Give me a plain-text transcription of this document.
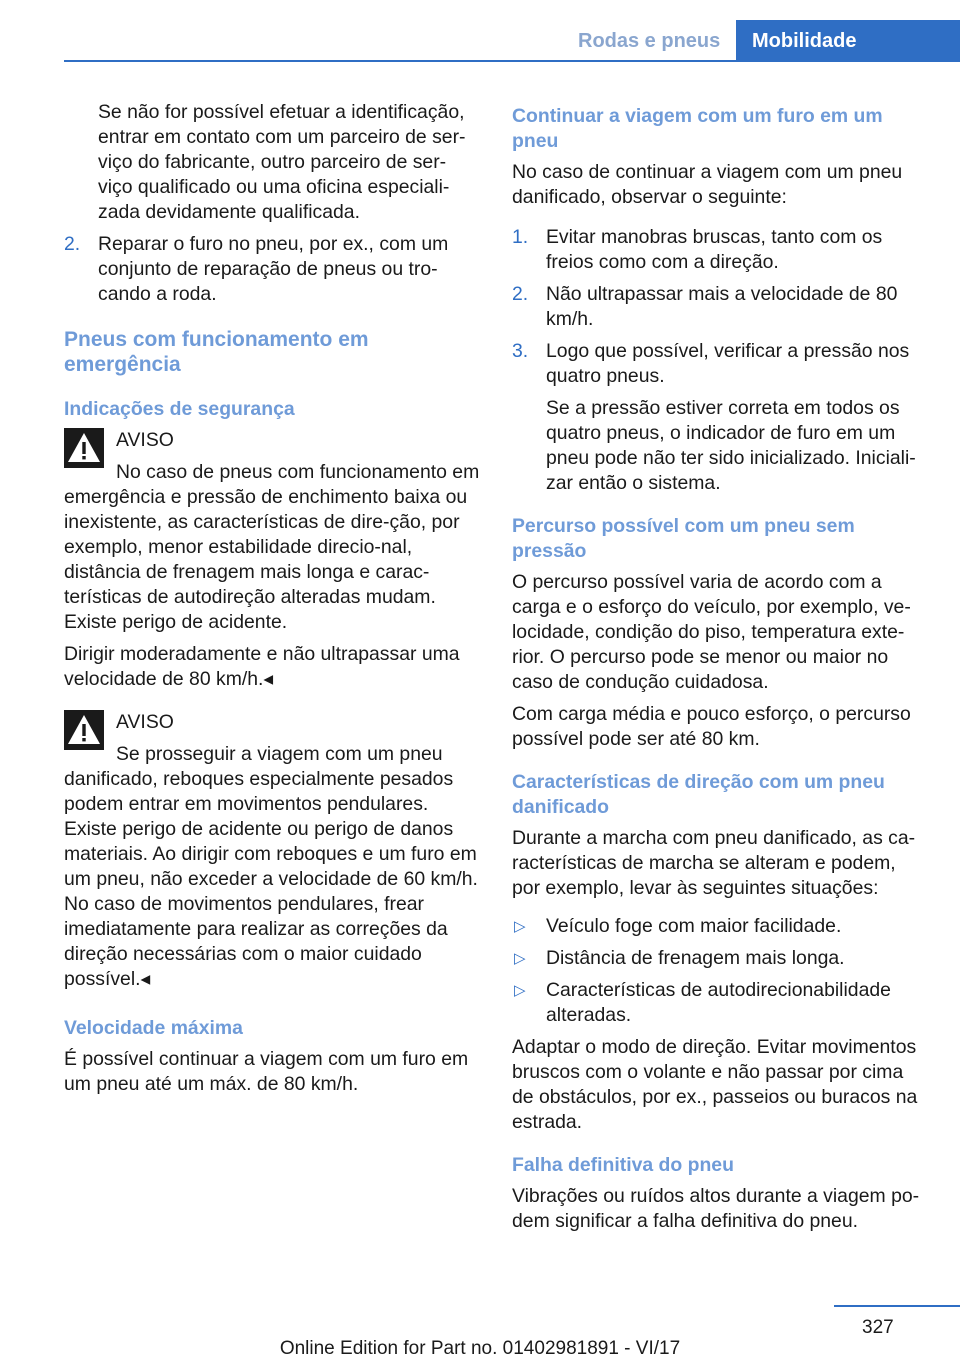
Rodas e pneus	Mobilidade

Se não for possível efetuar a identificação, entrar em contato com um parceiro de ser-viço do fabricante, outro parceiro de ser-viço qualificado ou uma oficina especiali-zada devidamente qualificada.

2. Reparar o furo no pneu, por ex., com um conjunto de reparação de pneus ou tro-cando a roda.
Pneus com funcionamento em emergência
Indicações de segurança

AVISO

No caso de pneus com funcionamento em emergência e pressão de enchimento baixa ou inexistente, as características de dire-ção, por exemplo, menor estabilidade direcio-nal, distância de frenagem mais longa e carac-terísticas de autodireção alteradas mudam. Existe perigo de acidente.

Dirigir moderadamente e não ultrapassar uma velocidade de 80 km/h.◂

AVISO

Se prosseguir a viagem com um pneu danificado, reboques especialmente pesados podem entrar em movimentos pendulares. Existe perigo de acidente ou perigo de danos materiais. Ao dirigir com reboques e um furo em um pneu, não exceder a velocidade de 60 km/h. No caso de movimentos pendulares, frear imediatamente para realizar as correções da direção necessárias com o maior cuidado possível.◂

Velocidade máxima

É possível continuar a viagem com um furo em um pneu até um máx. de 80 km/h.

Continuar a viagem com um furo em um pneu

No caso de continuar a viagem com um pneu danificado, observar o seguinte:

1. Evitar manobras bruscas, tanto com os freios como com a direção.
2. Não ultrapassar mais a velocidade de 80 km/h.
3. Logo que possível, verificar a pressão nos quatro pneus.

Se a pressão estiver correta em todos os quatro pneus, o indicador de furo em um pneu pode não ter sido inicializado. Iniciali-zar então o sistema.

Percurso possível com um pneu sem pressão

O percurso possível varia de acordo com a carga e o esforço do veículo, por exemplo, ve-locidade, condição do piso, temperatura exte-rior. O percurso pode se menor ou maior no caso de condução cuidadosa.

Com carga média e pouco esforço, o percurso possível pode ser até 80 km.

Características de direção com um pneu danificado

Durante a marcha com pneu danificado, as ca-racterísticas de marcha se alteram e podem, por exemplo, levar às seguintes situações:

▷ Veículo foge com maior facilidade.
▷ Distância de frenagem mais longa.
▷ Características de autodirecionabilidade alteradas.

Adaptar o modo de direção. Evitar movimentos bruscos com o volante e não passar por cima de obstáculos, por ex., passeios ou buracos na estrada.

Falha definitiva do pneu

Vibrações ou ruídos altos durante a viagem po-dem significar a falha definitiva do pneu.

327
Online Edition for Part no. 01402981891 - VI/17
